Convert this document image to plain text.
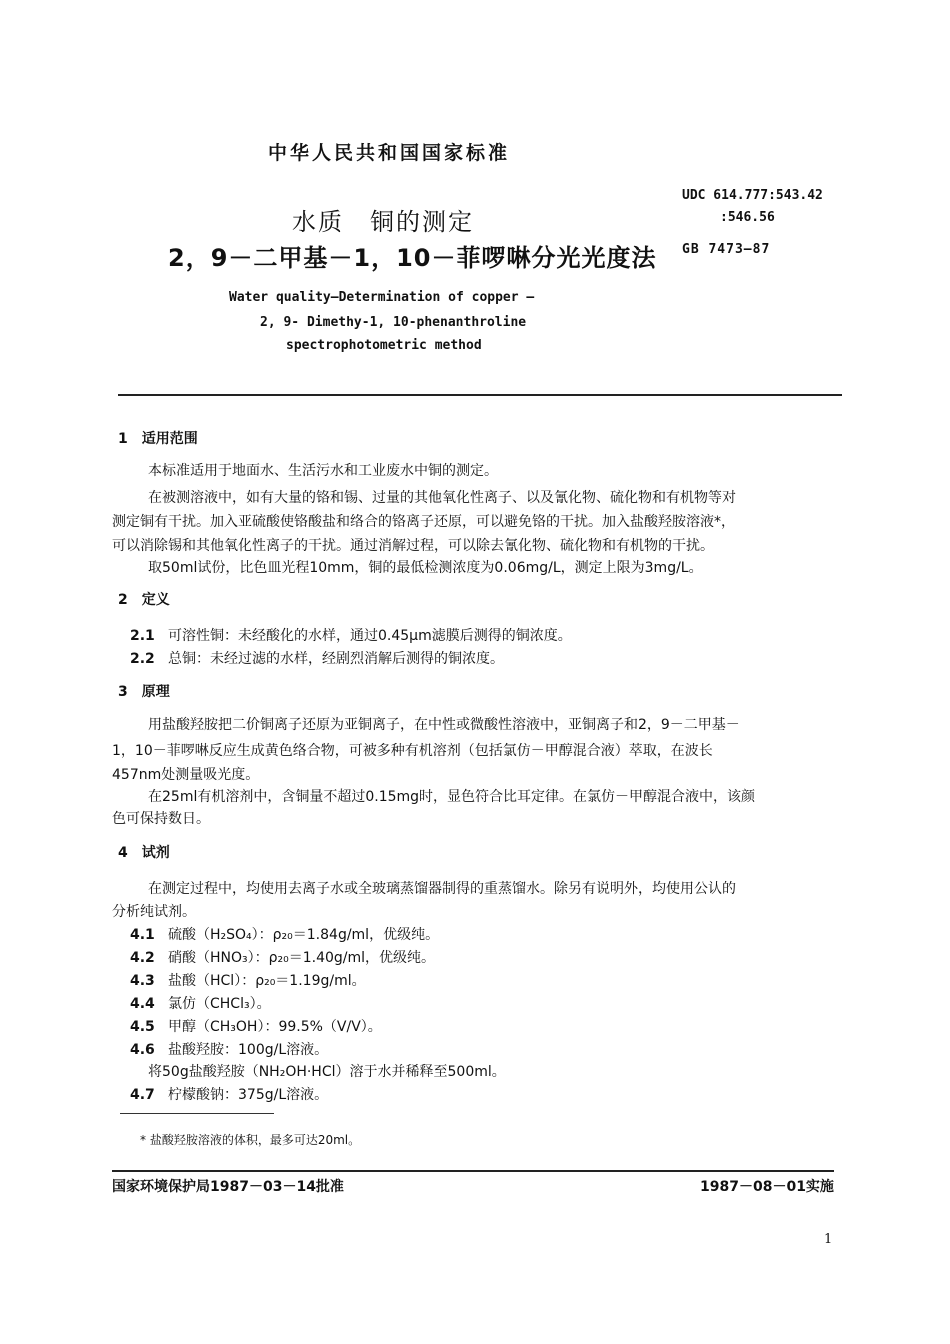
中华人民共和国国家标准
水质　铜的测定
2，9－二甲基－1，10－菲啰啉分光光度法
UDC 614.777:543.42
:546.56
GB 7473—87
Water quality—Determination of copper —
2, 9- Dimethy-1, 10-phenanthroline
spectrophotometric method
1　适用范围
本标准适用于地面水、生活污水和工业废水中铜的测定。
在被测溶液中，如有大量的铬和锡、过量的其他氧化性离子、以及氰化物、硫化物和有机物等对
测定铜有干扰。加入亚硫酸使铬酸盐和络合的铬离子还原，可以避免铬的干扰。加入盐酸羟胺溶液*，
可以消除锡和其他氧化性离子的干扰。通过消解过程，可以除去氰化物、硫化物和有机物的干扰。
取50ml试份，比色皿光程10mm，铜的最低检测浓度为0.06mg/L，测定上限为3mg/L。
2　定义
2.1 可溶性铜：未经酸化的水样，通过0.45μm滤膜后测得的铜浓度。
2.2 总铜：未经过滤的水样，经剧烈消解后测得的铜浓度。
3　原理
用盐酸羟胺把二价铜离子还原为亚铜离子，在中性或微酸性溶液中，亚铜离子和2，9－二甲基－
1，10－菲啰啉反应生成黄色络合物，可被多种有机溶剂（包括氯仿－甲醇混合液）萃取，在波长
457nm处测量吸光度。
在25ml有机溶剂中，含铜量不超过0.15mg时，显色符合比耳定律。在氯仿－甲醇混合液中，该颜
色可保持数日。
4　试剂
在测定过程中，均使用去离子水或全玻璃蒸馏器制得的重蒸馏水。除另有说明外，均使用公认的
分析纯试剂。
4.1 硫酸（H₂SO₄）：ρ₂₀＝1.84g/ml，优级纯。
4.2 硝酸（HNO₃）：ρ₂₀＝1.40g/ml，优级纯。
4.3 盐酸（HCl）：ρ₂₀＝1.19g/ml。
4.4 氯仿（CHCl₃）。
4.5 甲醇（CH₃OH）：99.5%（V/V）。
4.6 盐酸羟胺：100g/L溶液。
将50g盐酸羟胺（NH₂OH·HCl）溶于水并稀释至500ml。
4.7 柠檬酸钠：375g/L溶液。
* 盐酸羟胺溶液的体积，最多可达20ml。
国家环境保护局1987－03－14批准	1987－08－01实施
1
